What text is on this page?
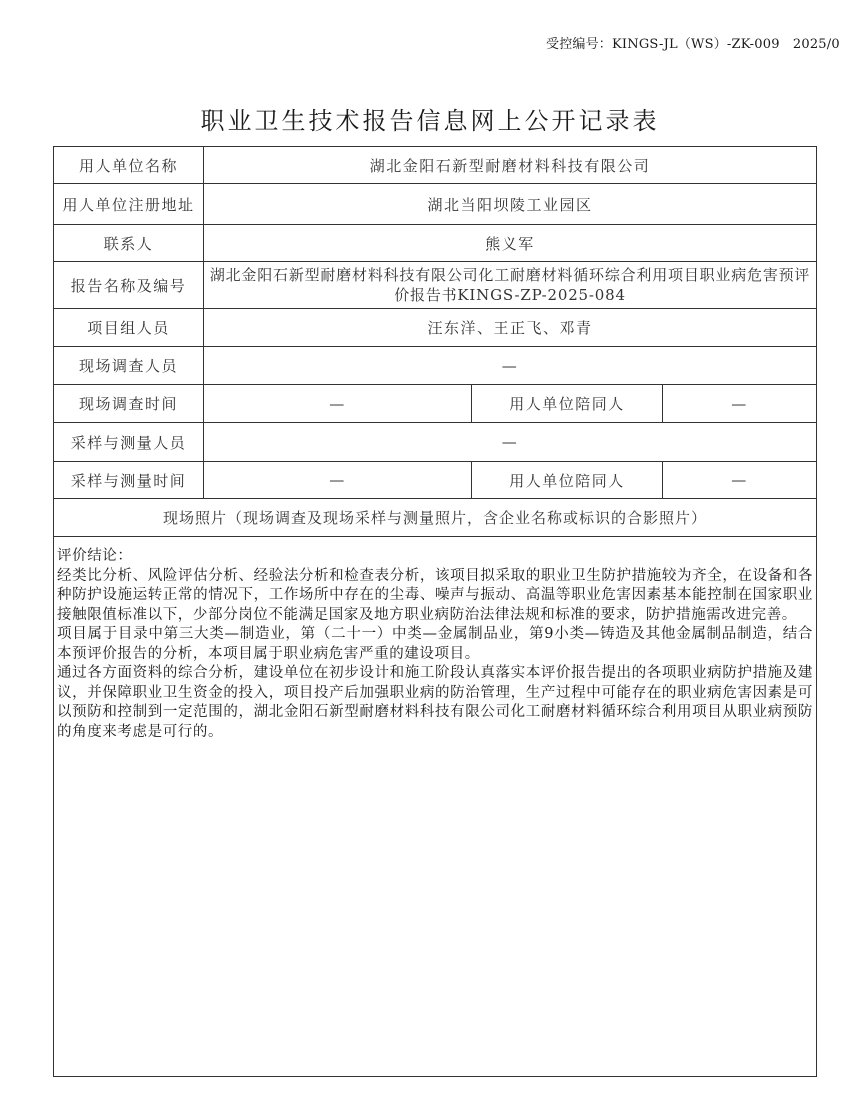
受控编号：KINGS-JL（WS）-ZK-009　2025/0
职业卫生技术报告信息网上公开记录表
用人单位名称	湖北金阳石新型耐磨材料科技有限公司		
用人单位注册地址	湖北当阳坝陵工业园区		
联系人	熊义军		
报告名称及编号	湖北金阳石新型耐磨材料科技有限公司化工耐磨材料循环综合利用项目职业病危害预评价报告书KINGS-ZP-2025-084		
项目组人员	汪东洋、王正飞、邓青		
现场调查人员	—		
现场调查时间	—	用人单位陪同人	—
采样与测量人员	—		
采样与测量时间	—	用人单位陪同人	—
现场照片（现场调查及现场采样与测量照片，含企业名称或标识的合影照片）			

评价结论：

经类比分析、风险评估分析、经验法分析和检查表分析，该项目拟采取的职业卫生防护措施较为齐全，在设备和各种防护设施运转正常的情况下，工作场所中存在的尘毒、噪声与振动、高温等职业危害因素基本能控制在国家职业接触限值标准以下，少部分岗位不能满足国家及地方职业病防治法律法规和标准的要求，防护措施需改进完善。

项目属于目录中第三大类—制造业，第（二十一）中类—金属制品业，第9小类—铸造及其他金属制品制造，结合本预评价报告的分析，本项目属于职业病危害严重的建设项目。

通过各方面资料的综合分析，建设单位在初步设计和施工阶段认真落实本评价报告提出的各项职业病防护措施及建议，并保障职业卫生资金的投入，项目投产后加强职业病的防治管理，生产过程中可能存在的职业病危害因素是可以预防和控制到一定范围的，湖北金阳石新型耐磨材料科技有限公司化工耐磨材料循环综合利用项目从职业病预防的角度来考虑是可行的。			
